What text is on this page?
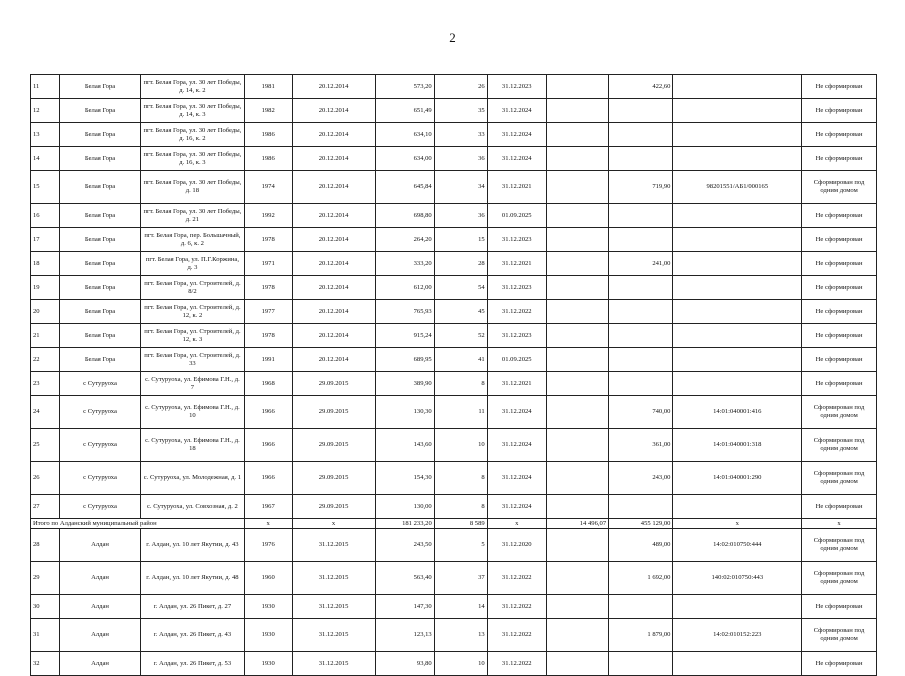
2
11	Белая Гора	пгт. Белая Гора, ул. 30 лет Победы, д. 14, к. 2	1981	20.12.2014	573,20	26	31.12.2023		422,60		Не сформирован
12	Белая Гора	пгт. Белая Гора, ул. 30 лет Победы, д. 14, к. 3	1982	20.12.2014	651,49	35	31.12.2024				Не сформирован
13	Белая Гора	пгт. Белая Гора, ул. 30 лет Победы, д. 16, к. 2	1986	20.12.2014	634,10	33	31.12.2024				Не сформирован
14	Белая Гора	пгт. Белая Гора, ул. 30 лет Победы, д. 16, к. 3	1986	20.12.2014	634,00	36	31.12.2024				Не сформирован
15	Белая Гора	пгт. Белая Гора, ул. 30 лет Победы, д. 18	1974	20.12.2014	645,84	34	31.12.2021		719,90	98201551/АБ1/000165	Сформирован под одним домом
16	Белая Гора	пгт. Белая Гора, ул. 30 лет Победы, д. 21	1992	20.12.2014	698,80	36	01.09.2025				Не сформирован
17	Белая Гора	пгт. Белая Гора, пер. Большачный, д. 6, к. 2	1978	20.12.2014	264,20	15	31.12.2023				Не сформирован
18	Белая Гора	пгт. Белая Гора, ул. П.Г.Коржина, д. 3	1971	20.12.2014	333,20	28	31.12.2021		241,00		Не сформирован
19	Белая Гора	пгт. Белая Гора, ул. Строителей, д. 8/2	1978	20.12.2014	612,00	54	31.12.2023				Не сформирован
20	Белая Гора	пгт. Белая Гора, ул. Строителей, д. 12, к. 2	1977	20.12.2014	765,93	45	31.12.2022				Не сформирован
21	Белая Гора	пгт. Белая Гора, ул. Строителей, д. 12, к. 3	1978	20.12.2014	915,24	52	31.12.2023				Не сформирован
22	Белая Гора	пгт. Белая Гора, ул. Строителей, д. 33	1991	20.12.2014	689,95	41	01.09.2025				Не сформирован
23	с Сутуруоха	с. Сутуруоха, ул. Ефимова Г.Н., д. 7	1968	29.09.2015	389,90	8	31.12.2021				Не сформирован
24	с Сутуруоха	с. Сутуруоха, ул. Ефимова Г.Н., д. 10	1966	29.09.2015	130,30	11	31.12.2024		740,00	14:01:040001:416	Сформирован под одним домом
25	с Сутуруоха	с. Сутуруоха, ул. Ефимова Г.Н., д. 18	1966	29.09.2015	143,60	10	31.12.2024		361,00	14:01:040001:318	Сформирован под одним домом
26	с Сутуруоха	с. Сутуруоха, ул. Молодежная, д. 1	1966	29.09.2015	154,30	8	31.12.2024		243,00	14:01:040001:290	Сформирован под одним домом
27	с Сутуруоха	с. Сутуруоха, ул. Совхозная, д. 2	1967	29.09.2015	130,00	8	31.12.2024				Не сформирован
Итого по Алданский муниципальный район			x	x	181 233,20	8 589	x	14 496,07	455 129,00	x	x
28	Алдан	г. Алдан, ул. 10 лет Якутии, д. 43	1976	31.12.2015	243,50	5	31.12.2020		489,00	14:02:010750:444	Сформирован под одним домом
29	Алдан	г. Алдан, ул. 10 лет Якутии, д. 48	1960	31.12.2015	563,40	37	31.12.2022		1 692,00	140:02:010750:443	Сформирован под одним домом
30	Алдан	г. Алдан, ул. 26 Пикет, д. 27	1930	31.12.2015	147,30	14	31.12.2022				Не сформирован
31	Алдан	г. Алдан, ул. 26 Пикет, д. 43	1930	31.12.2015	123,13	13	31.12.2022		1 879,00	14:02:010152:223	Сформирован под одним домом
32	Алдан	г. Алдан, ул. 26 Пикет, д. 53	1930	31.12.2015	93,80	10	31.12.2022				Не сформирован
